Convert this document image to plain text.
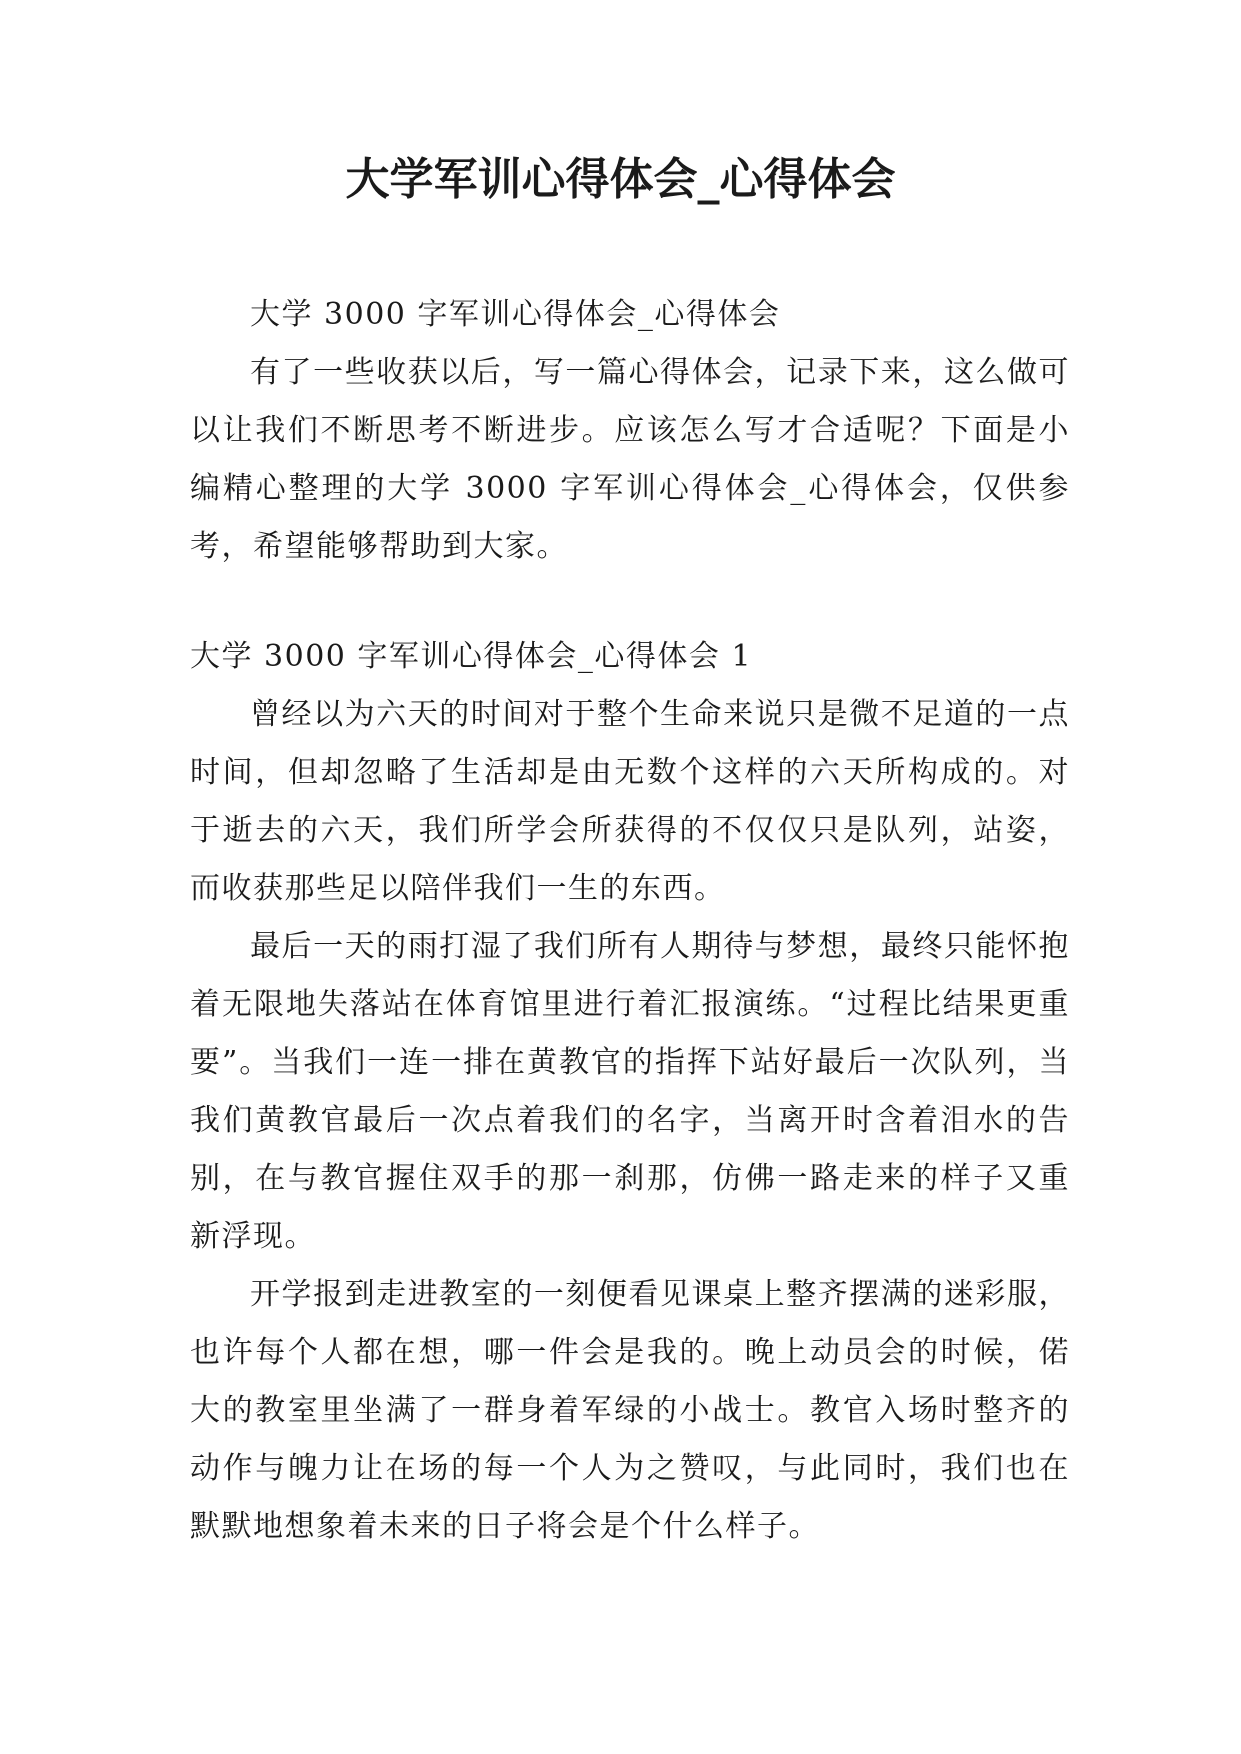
大学军训心得体会_心得体会

大学 3000 字军训心得体会_心得体会

有了一些收获以后，写一篇心得体会，记录下来，这么做可以让我们不断思考不断进步。应该怎么写才合适呢？下面是小编精心整理的大学 3000 字军训心得体会_心得体会，仅供参考，希望能够帮助到大家。

大学 3000 字军训心得体会_心得体会 1

曾经以为六天的时间对于整个生命来说只是微不足道的一点时间，但却忽略了生活却是由无数个这样的六天所构成的。对于逝去的六天，我们所学会所获得的不仅仅只是队列，站姿，而收获那些足以陪伴我们一生的东西。

最后一天的雨打湿了我们所有人期待与梦想，最终只能怀抱着无限地失落站在体育馆里进行着汇报演练。“过程比结果更重要”。当我们一连一排在黄教官的指挥下站好最后一次队列，当我们黄教官最后一次点着我们的名字，当离开时含着泪水的告别，在与教官握住双手的那一刹那，仿佛一路走来的样子又重新浮现。

开学报到走进教室的一刻便看见课桌上整齐摆满的迷彩服，也许每个人都在想，哪一件会是我的。晚上动员会的时候，偌大的教室里坐满了一群身着军绿的小战士。教官入场时整齐的动作与魄力让在场的每一个人为之赞叹，与此同时，我们也在默默地想象着未来的日子将会是个什么样子。
